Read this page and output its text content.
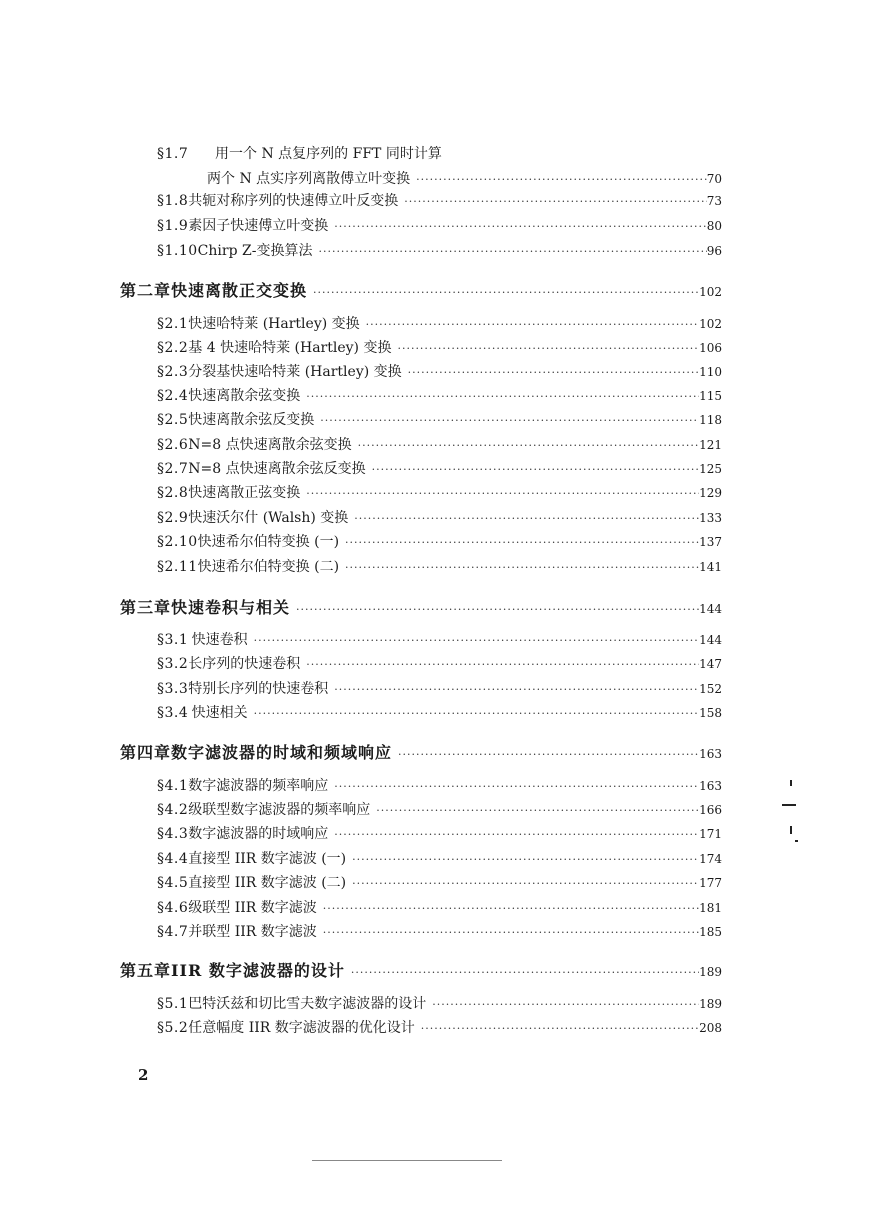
§1.7	用一个 N 点复序列的 FFT 同时计算
两个 N 点实序列离散傅立叶变换 ·····	70
§1.8 共轭对称序列的快速傅立叶反变换 ·····	73
§1.9 素因子快速傅立叶变换 ·····	80
§1.10 Chirp Z-变换算法 ·····	96
第二章 快速离散正交变换 ·····	102
§2.1 快速哈特莱 (Hartley) 变换 ·····	102
§2.2 基 4 快速哈特莱 (Hartley) 变换 ·····	106
§2.3 分裂基快速哈特莱 (Hartley) 变换 ·····	110
§2.4 快速离散余弦变换 ·····	115
§2.5 快速离散余弦反变换 ·····	118
§2.6 N=8 点快速离散余弦变换 ·····	121
§2.7 N=8 点快速离散余弦反变换 ·····	125
§2.8 快速离散正弦变换 ·····	129
§2.9 快速沃尔什 (Walsh) 变换 ·····	133
§2.10 快速希尔伯特变换 (一) ·····	137
§2.11 快速希尔伯特变换 (二) ·····	141
第三章 快速卷积与相关 ·····	144
§3.1 快速卷积 ·····	144
§3.2 长序列的快速卷积 ·····	147
§3.3 特别长序列的快速卷积 ·····	152
§3.4 快速相关 ·····	158
第四章 数字滤波器的时域和频域响应 ·····	163
§4.1 数字滤波器的频率响应 ·····	163
§4.2 级联型数字滤波器的频率响应 ·····	166
§4.3 数字滤波器的时域响应 ·····	171
§4.4 直接型 IIR 数字滤波 (一) ·····	174
§4.5 直接型 IIR 数字滤波 (二) ·····	177
§4.6 级联型 IIR 数字滤波 ·····	181
§4.7 并联型 IIR 数字滤波 ·····	185
第五章 IIR 数字滤波器的设计 ·····	189
§5.1 巴特沃兹和切比雪夫数字滤波器的设计 ·····	189
§5.2 任意幅度 IIR 数字滤波器的优化设计 ·····	208
2
